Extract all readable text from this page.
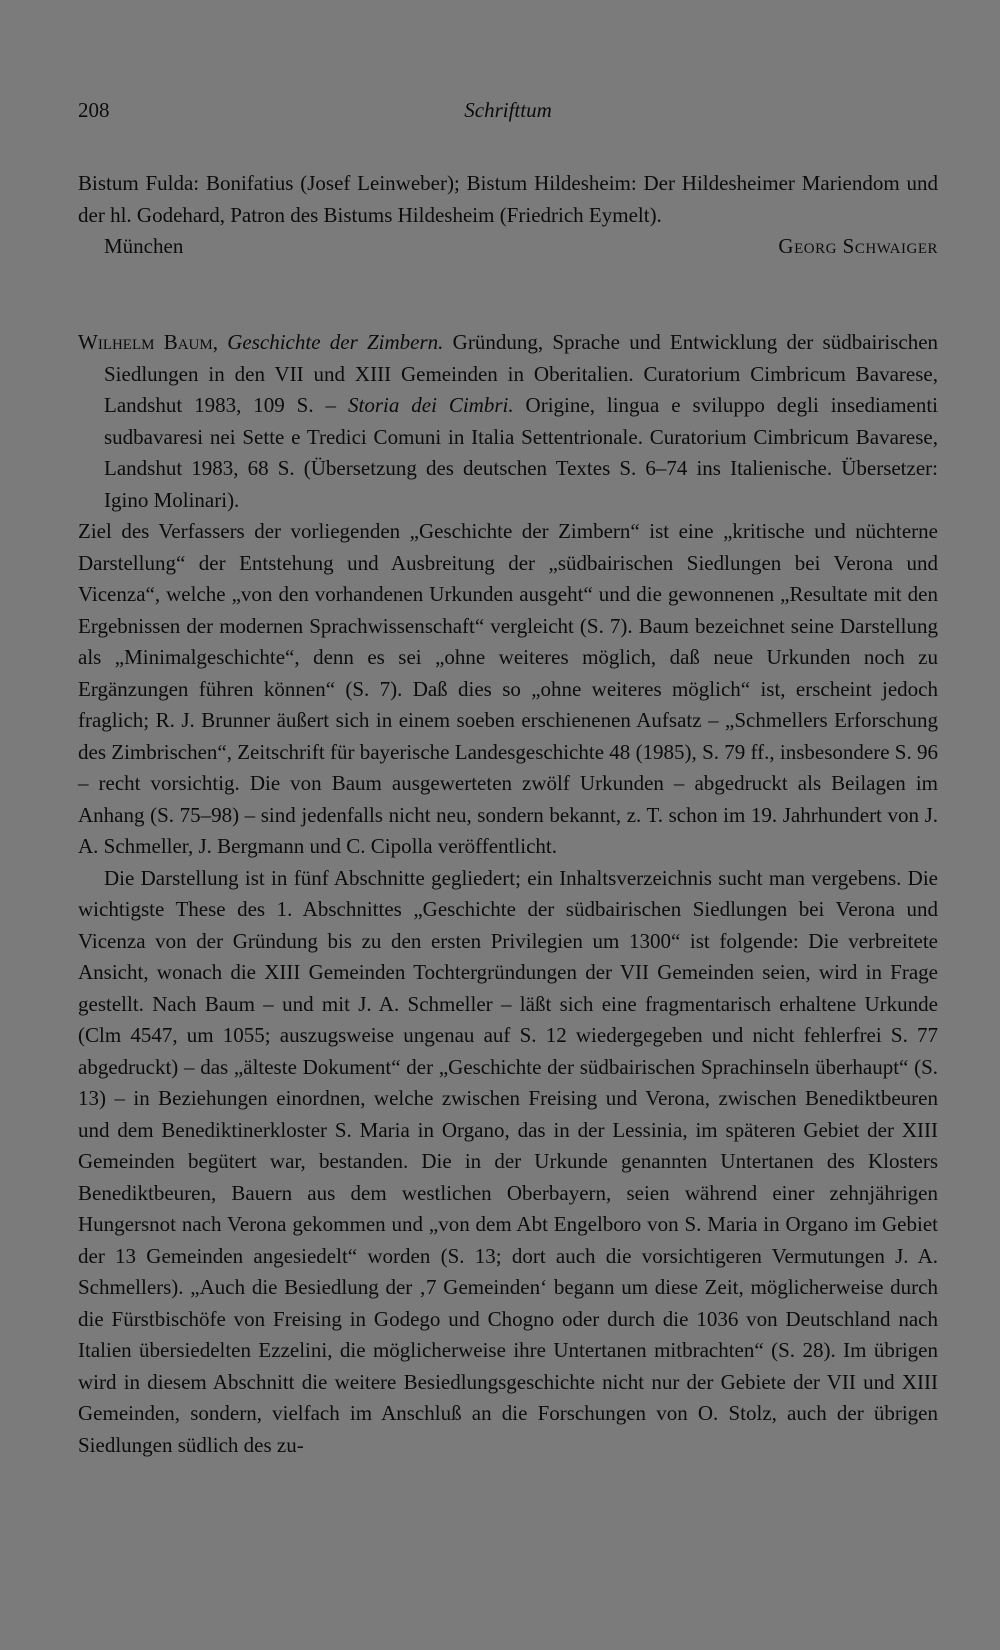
208	Schrifttum

Bistum Fulda: Bonifatius (Josef Leinweber); Bistum Hildesheim: Der Hildesheimer Mariendom und der hl. Godehard, Patron des Bistums Hildesheim (Friedrich Eymelt).

München	Georg Schwaiger

Wilhelm Baum, Geschichte der Zimbern. Gründung, Sprache und Entwicklung der südbairischen Siedlungen in den VII und XIII Gemeinden in Oberitalien. Curatorium Cimbricum Bavarese, Landshut 1983, 109 S. – Storia dei Cimbri. Origine, lingua e sviluppo degli insediamenti sudbavaresi nei Sette e Tredici Comuni in Italia Settentrionale. Curatorium Cimbricum Bavarese, Landshut 1983, 68 S. (Übersetzung des deutschen Textes S. 6–74 ins Italienische. Übersetzer: Igino Molinari).

Ziel des Verfassers der vorliegenden „Geschichte der Zimbern“ ist eine „kritische und nüchterne Darstellung“ der Entstehung und Ausbreitung der „südbairischen Siedlungen bei Verona und Vicenza“, welche „von den vorhandenen Urkunden ausgeht“ und die gewonnenen „Resultate mit den Ergebnissen der modernen Sprachwissenschaft“ vergleicht (S. 7). Baum bezeichnet seine Darstellung als „Minimalgeschichte“, denn es sei „ohne weiteres möglich, daß neue Urkunden noch zu Ergänzungen führen können“ (S. 7). Daß dies so „ohne weiteres möglich“ ist, erscheint jedoch fraglich; R. J. Brunner äußert sich in einem soeben erschienenen Aufsatz – „Schmellers Erforschung des Zimbrischen“, Zeitschrift für bayerische Landesgeschichte 48 (1985), S. 79 ff., insbesondere S. 96 – recht vorsichtig. Die von Baum ausgewerteten zwölf Urkunden – abgedruckt als Beilagen im Anhang (S. 75–98) – sind jedenfalls nicht neu, sondern bekannt, z. T. schon im 19. Jahrhundert von J. A. Schmeller, J. Bergmann und C. Cipolla veröffentlicht.

Die Darstellung ist in fünf Abschnitte gegliedert; ein Inhaltsverzeichnis sucht man vergebens. Die wichtigste These des 1. Abschnittes „Geschichte der südbairischen Siedlungen bei Verona und Vicenza von der Gründung bis zu den ersten Privilegien um 1300“ ist folgende: Die verbreitete Ansicht, wonach die XIII Gemeinden Tochtergründungen der VII Gemeinden seien, wird in Frage gestellt. Nach Baum – und mit J. A. Schmeller – läßt sich eine fragmentarisch erhaltene Urkunde (Clm 4547, um 1055; auszugsweise ungenau auf S. 12 wiedergegeben und nicht fehlerfrei S. 77 abgedruckt) – das „älteste Dokument“ der „Geschichte der südbairischen Sprachinseln überhaupt“ (S. 13) – in Beziehungen einordnen, welche zwischen Freising und Verona, zwischen Benediktbeuren und dem Benediktinerkloster S. Maria in Organo, das in der Lessinia, im späteren Gebiet der XIII Gemeinden begütert war, bestanden. Die in der Urkunde genannten Untertanen des Klosters Benediktbeuren, Bauern aus dem westlichen Oberbayern, seien während einer zehnjährigen Hungersnot nach Verona gekommen und „von dem Abt Engelboro von S. Maria in Organo im Gebiet der 13 Gemeinden angesiedelt“ worden (S. 13; dort auch die vorsichtigeren Vermutungen J. A. Schmellers). „Auch die Besiedlung der ‚7 Gemeinden‘ begann um diese Zeit, möglicherweise durch die Fürstbischöfe von Freising in Godego und Chogno oder durch die 1036 von Deutschland nach Italien übersiedelten Ezzelini, die möglicherweise ihre Untertanen mitbrachten“ (S. 28). Im übrigen wird in diesem Abschnitt die weitere Besiedlungsgeschichte nicht nur der Gebiete der VII und XIII Gemeinden, sondern, vielfach im Anschluß an die Forschungen von O. Stolz, auch der übrigen Siedlungen südlich des zu-
